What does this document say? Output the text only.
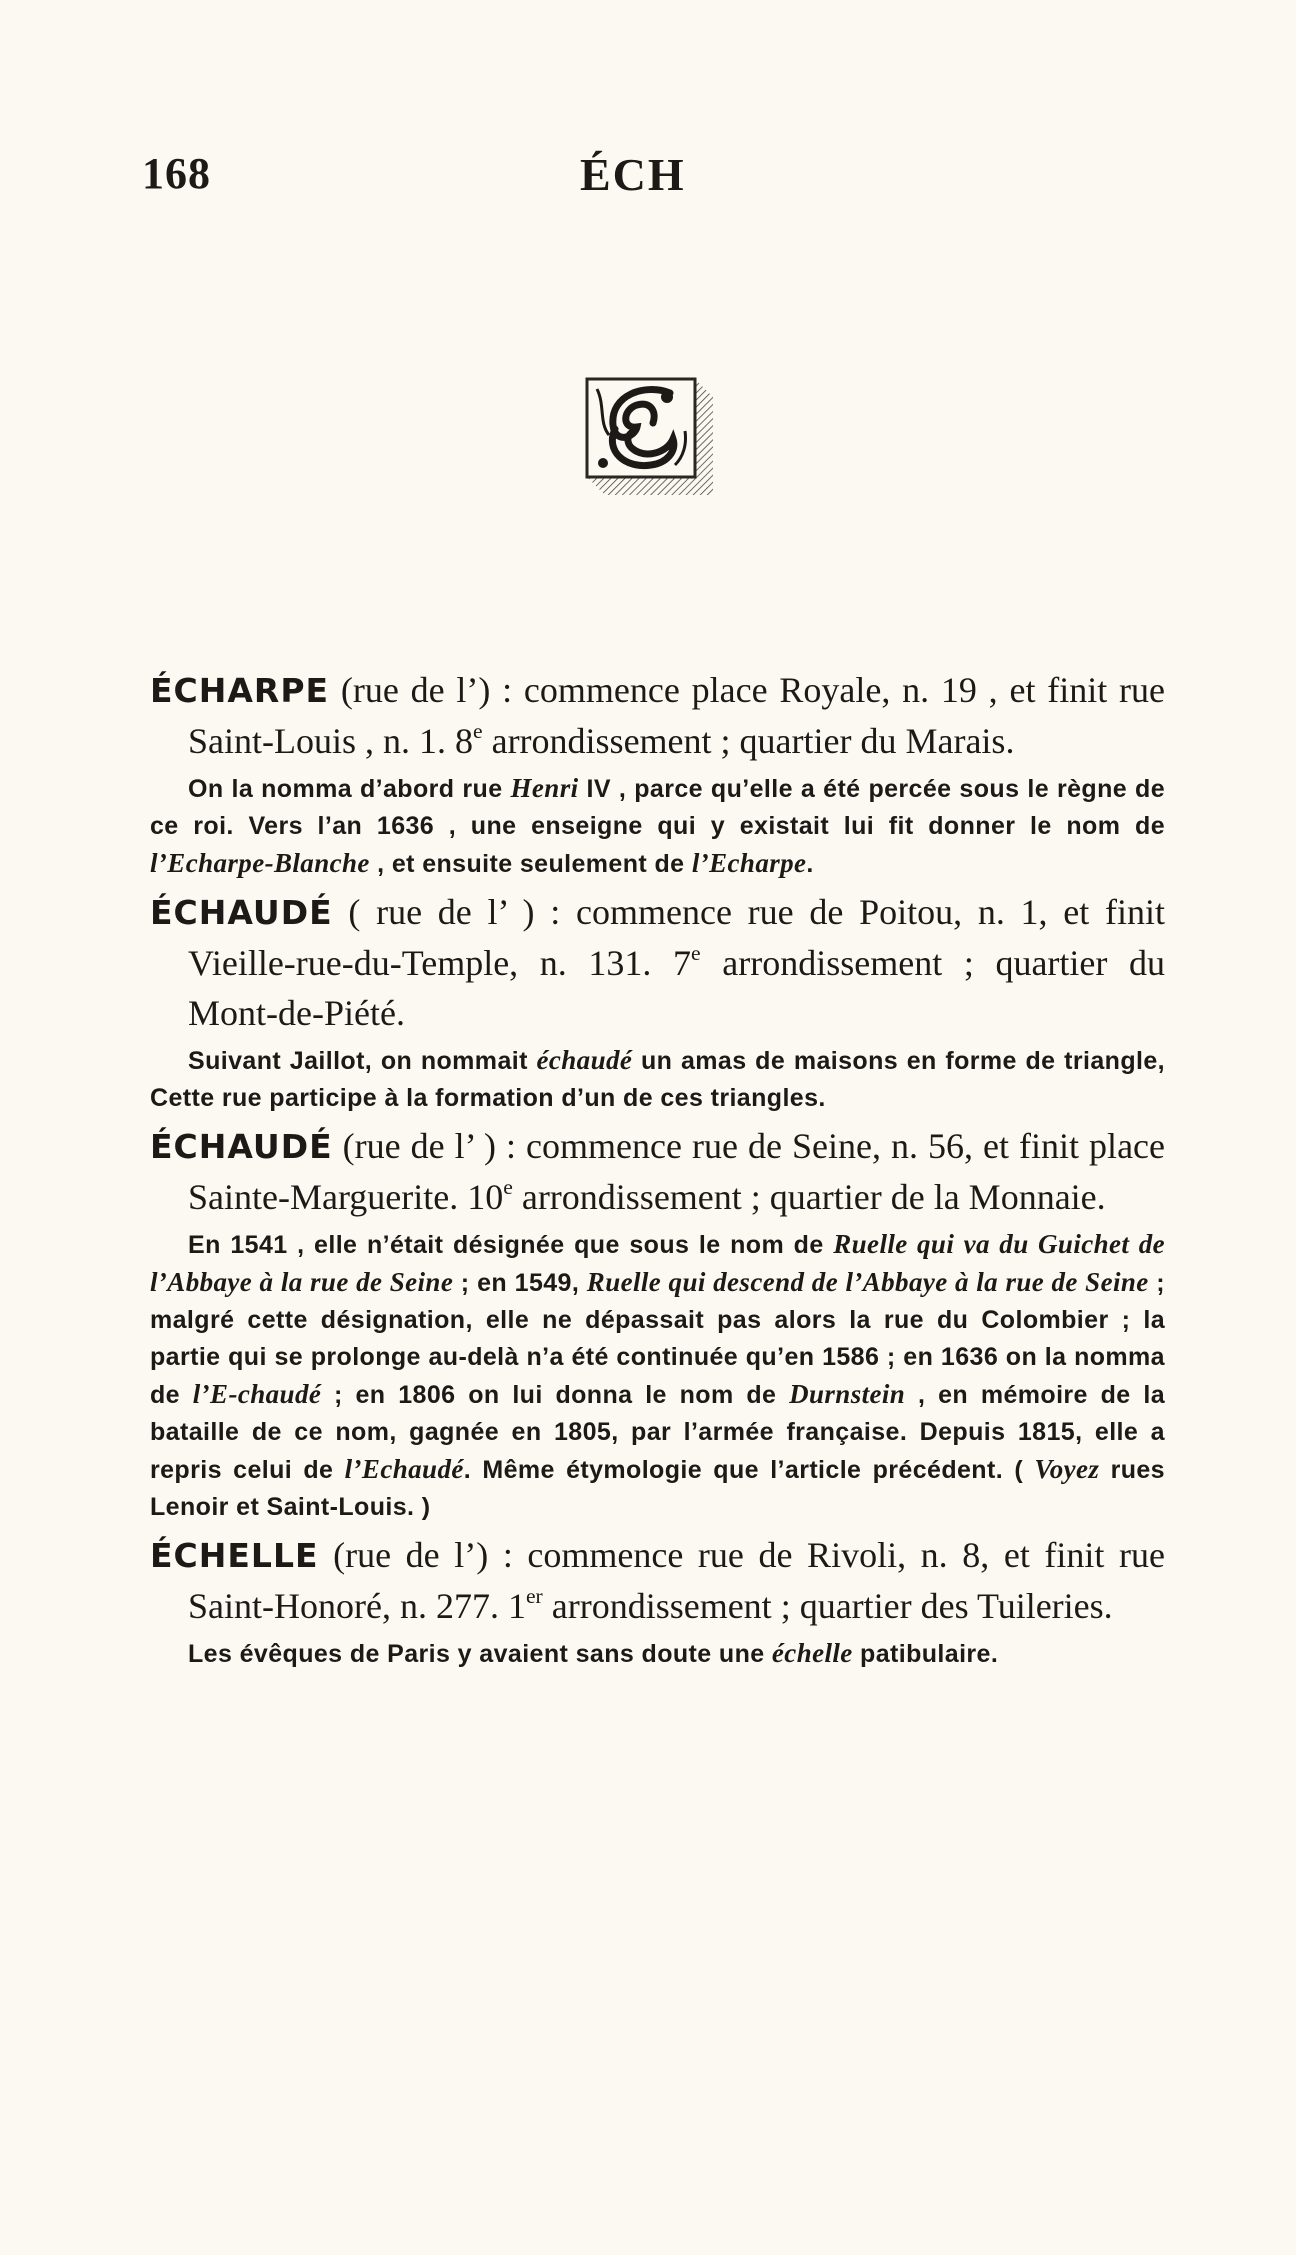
168	ÉCH

ÉCHARPE (rue de l’) : commence place Royale, n. 19 , et finit rue Saint-Louis , n. 1. 8e arrondissement ; quartier du Marais.

On la nomma d’abord rue Henri IV , parce qu’elle a été percée sous le règne de ce roi. Vers l’an 1636 , une enseigne qui y existait lui fit donner le nom de l’Echarpe-Blanche , et ensuite seulement de l’Echarpe.

ÉCHAUDÉ ( rue de l’ ) : commence rue de Poitou, n. 1, et finit Vieille-rue-du-Temple, n. 131. 7e arrondissement ; quartier du Mont-de-Piété.

Suivant Jaillot, on nommait échaudé un amas de maisons en forme de triangle, Cette rue participe à la formation d’un de ces triangles.

ÉCHAUDÉ (rue de l’ ) : commence rue de Seine, n. 56, et finit place Sainte-Marguerite. 10e arrondissement ; quartier de la Monnaie.

En 1541 , elle n’était désignée que sous le nom de Ruelle qui va du Guichet de l’Abbaye à la rue de Seine ; en 1549, Ruelle qui descend de l’Abbaye à la rue de Seine ; malgré cette désignation, elle ne dépassait pas alors la rue du Colombier ; la partie qui se prolonge au-delà n’a été continuée qu’en 1586 ; en 1636 on la nomma de l’E-chaudé ; en 1806 on lui donna le nom de Durnstein , en mémoire de la bataille de ce nom, gagnée en 1805, par l’armée française. Depuis 1815, elle a repris celui de l’Echaudé. Même étymologie que l’article précédent. ( Voyez rues Lenoir et Saint-Louis. )

ÉCHELLE (rue de l’) : commence rue de Rivoli, n. 8, et finit rue Saint-Honoré, n. 277. 1er arrondissement ; quartier des Tuileries.

Les évêques de Paris y avaient sans doute une échelle patibulaire.
